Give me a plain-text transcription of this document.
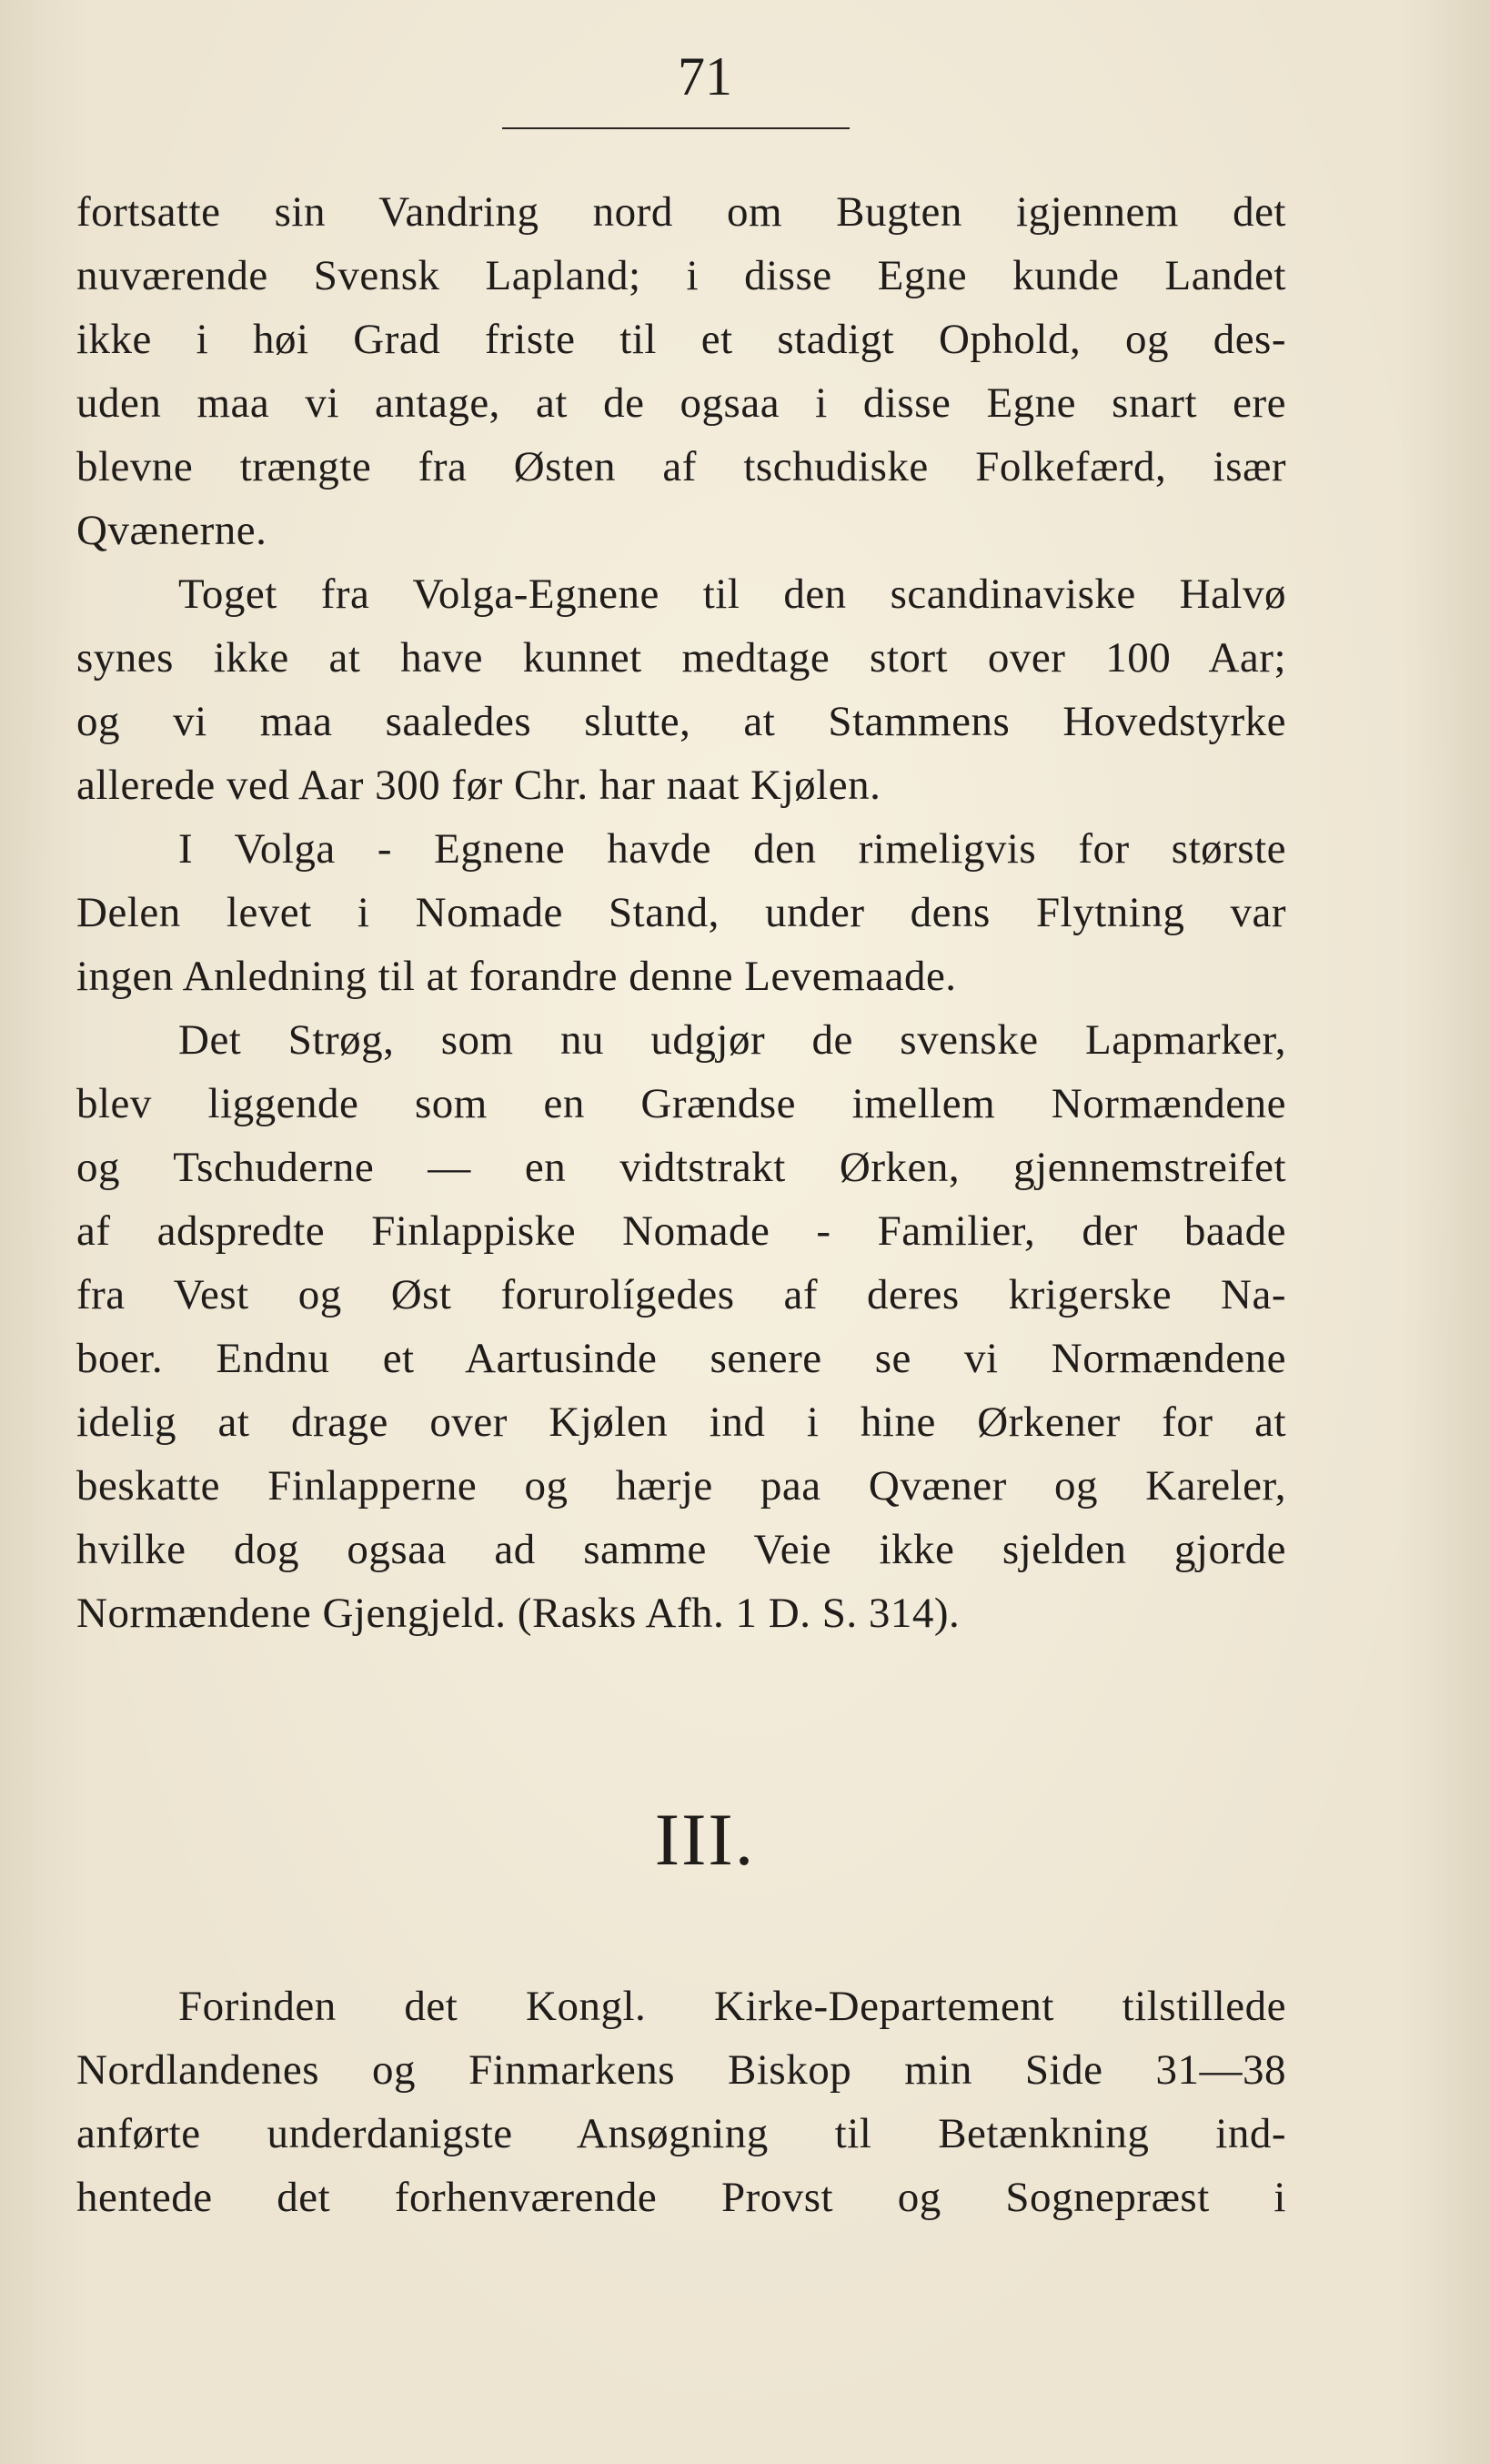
71
fortsatte sin Vandring nord om Bugten igjennem det
nuværende Svensk Lapland; i disse Egne kunde Landet
ikke i høi Grad friste til et stadigt Ophold, og des-
uden maa vi antage, at de ogsaa i disse Egne snart ere
blevne trængte fra Østen af tschudiske Folkefærd, især
Qvænerne.
Toget fra Volga-Egnene til den scandinaviske Halvø
synes ikke at have kunnet medtage stort over 100 Aar;
og vi maa saaledes slutte, at Stammens Hovedstyrke
allerede ved Aar 300 før Chr. har naat Kjølen.
I Volga - Egnene havde den rimeligvis for største
Delen levet i Nomade Stand, under dens Flytning var
ingen Anledning til at forandre denne Levemaade.
Det Strøg, som nu udgjør de svenske Lapmarker,
blev liggende som en Grændse imellem Normændene
og Tschuderne — en vidtstrakt Ørken, gjennemstreifet
af adspredte Finlappiske Nomade - Familier, der baade
fra Vest og Øst forurolígedes af deres krigerske Na-
boer. Endnu et Aartusinde senere se vi Normændene
idelig at drage over Kjølen ind i hine Ørkener for at
beskatte Finlapperne og hærje paa Qvæner og Kareler,
hvilke dog ogsaa ad samme Veie ikke sjelden gjorde
Normændene Gjengjeld. (Rasks Afh. 1 D. S. 314).
III.
Forinden det Kongl. Kirke-Departement tilstillede
Nordlandenes og Finmarkens Biskop min Side 31—38
anførte underdanigste Ansøgning til Betænkning ind-
hentede det forhenværende Provst og Sognepræst i
